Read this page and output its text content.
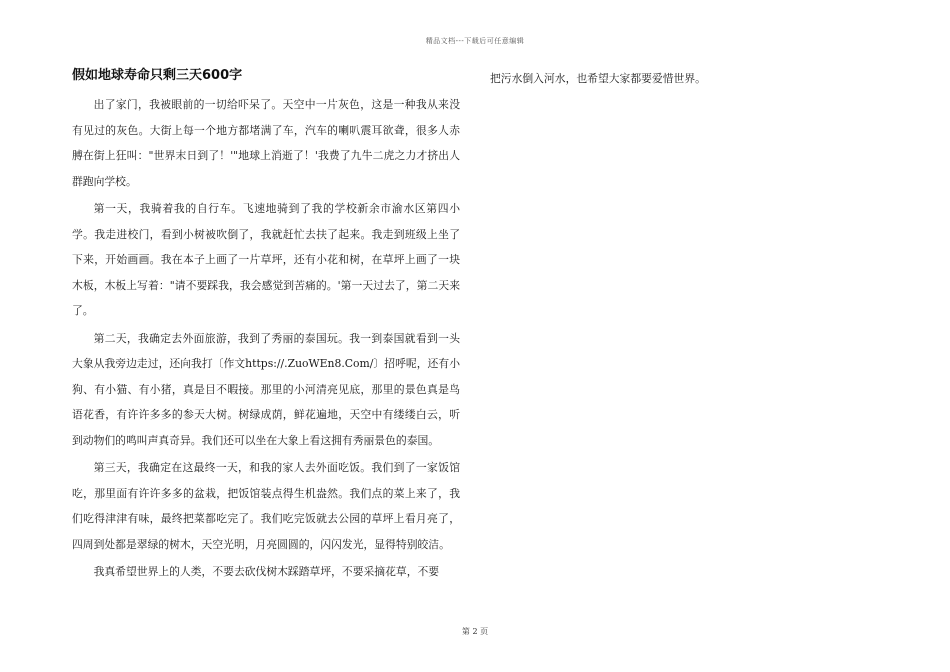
精品文档---下载后可任意编辑
假如地球寿命只剩三天600字

出了家门，我被眼前的一切给吓呆了。天空中一片灰色，这是一种我从来没有见过的灰色。大街上每一个地方都堵满了车，汽车的喇叭震耳欲聋，很多人赤膊在街上狂叫："世界末日到了！'"地球上消逝了！'我费了九牛二虎之力才挤出人群跑向学校。

第一天，我骑着我的自行车。飞速地骑到了我的学校新余市渝水区第四小学。我走进校门，看到小树被吹倒了，我就赶忙去扶了起来。我走到班级上坐了下来，开始画画。我在本子上画了一片草坪，还有小花和树，在草坪上画了一块木板，木板上写着："请不要踩我，我会感觉到苦痛的。'第一天过去了，第二天来了。

第二天，我确定去外面旅游，我到了秀丽的泰国玩。我一到泰国就看到一头大象从我旁边走过，还向我打〔作文https://.ZuoWEn8.Com/〕招呼呢，还有小狗、有小猫、有小猪，真是目不暇接。那里的小河清亮见底，那里的景色真是鸟语花香，有许许多多的参天大树。树绿成荫，鲜花遍地，天空中有缕缕白云，听到动物们的鸣叫声真奇异。我们还可以坐在大象上看这拥有秀丽景色的泰国。

第三天，我确定在这最终一天，和我的家人去外面吃饭。我们到了一家饭馆吃，那里面有许许多多的盆栽，把饭馆装点得生机盎然。我们点的菜上来了，我们吃得津津有味，最终把菜都吃完了。我们吃完饭就去公园的草坪上看月亮了，四周到处都是翠绿的树木，天空光明，月亮圆圆的，闪闪发光，显得特别皎洁。

我真希望世界上的人类，不要去砍伐树木踩踏草坪，不要采摘花草，不要

把污水倒入河水，也希望大家都要爱惜世界。

第 2 页
